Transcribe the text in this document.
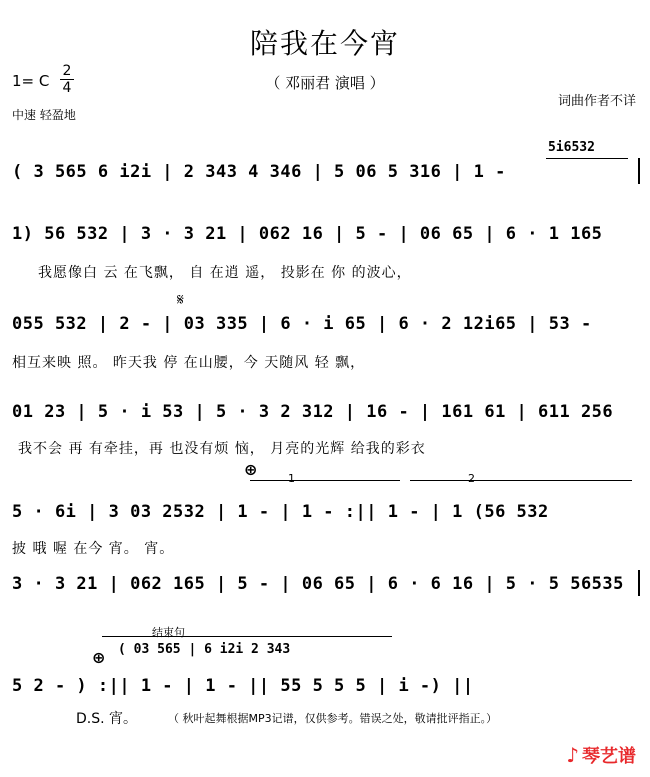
陪我在今宵
（ 邓丽君 演唱 ）
1= C
2
4
中速 轻盈地
词曲作者不详
5i6532
( 3 565 6 i2i | 2 343 4 346 | 5 06 5 316 | 1 -
1) 56 532 | 3 · 3 21 | 062 16 | 5 - | 06 65 | 6 · 1 165
我愿像白 云 在飞飘， 自 在逍 遥， 投影在 你 的波心，
𝄋
055 532 | 2 - | 03 335 | 6 · i 65 | 6 · 2 12i65 | 53 -
相互来映 照。 昨天我 停 在山腰，今 天随风 轻 飘，
01 23 | 5 · i 53 | 5 · 3 2 312 | 16 - | 161 61 | 611 256
我不会 再 有牵挂，再 也没有烦 恼， 月亮的光辉 给我的彩衣
⊕	1	2
5 · 6i | 3 03 2532 | 1 - | 1 - :|| 1 - | 1 (56 532
披 哦 喔 在今 宵。 宵。
3 · 3 21 | 062 165 | 5 - | 06 65 | 6 · 6 16 | 5 · 5 56535
结束句
⊕ ( 03 565 | 6 i2i 2 343
5 2 - ) :|| 1 - | 1 - || 55 5 5 5 | i -) ||
D.S. 宵。	（ 秋叶起舞根据MP3记谱，仅供参考。错误之处，敬请批评指正。）
♪ 琴艺谱
